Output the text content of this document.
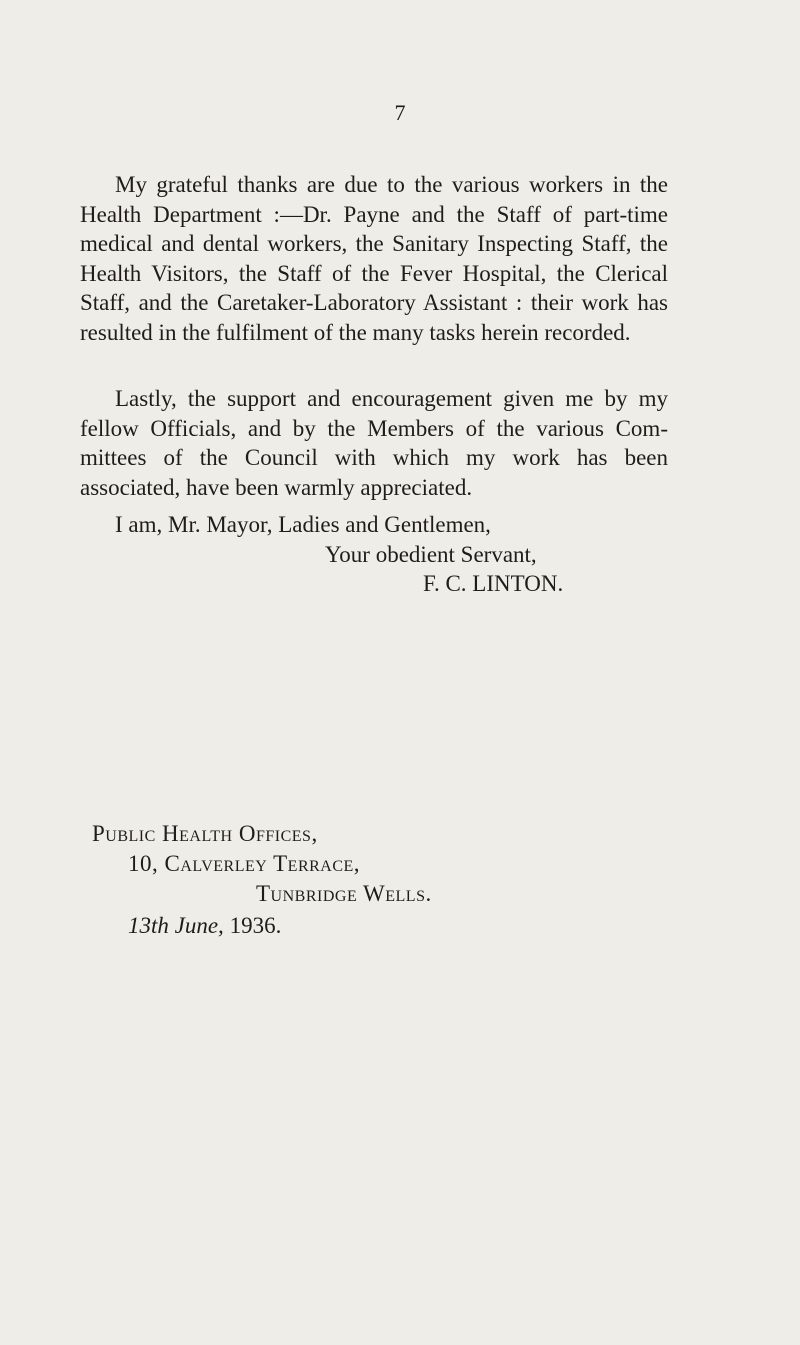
7

My grateful thanks are due to the various workers in the Health Department :—Dr. Payne and the Staff of part-time medical and dental workers, the Sanitary Inspecting Staff, the Health Visitors, the Staff of the Fever Hospital, the Clerical Staff, and the Caretaker-Laboratory Assistant : their work has resulted in the fulfilment of the many tasks herein recorded.

Lastly, the support and encouragement given me by my fellow Officials, and by the Members of the various Committees of the Council with which my work has been associated, have been warmly appreciated.

I am, Mr. Mayor, Ladies and Gentlemen,
Your obedient Servant,
F. C. LINTON.
Public Health Offices,
10, Calverley Terrace,
Tunbridge Wells.
13th June, 1936.
